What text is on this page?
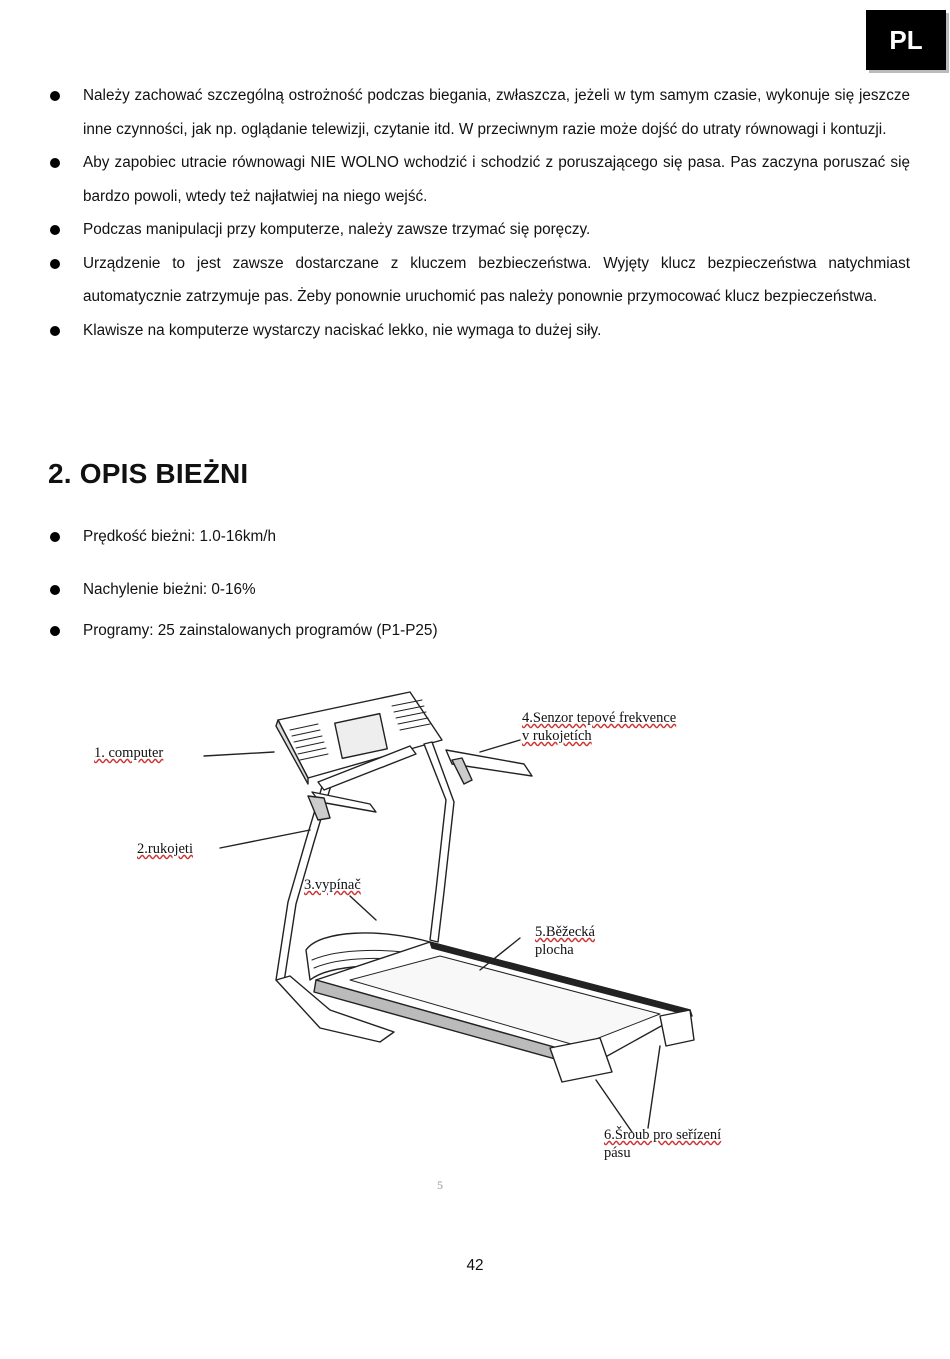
PL
Należy zachować szczególną ostrożność podczas biegania, zwłaszcza, jeżeli w tym samym czasie, wykonuje się jeszcze inne czynności, jak np. oglądanie telewizji, czytanie itd. W przeciwnym razie może dojść do utraty równowagi i kontuzji.
Aby zapobiec utracie równowagi NIE WOLNO wchodzić i schodzić z poruszającego się pasa. Pas zaczyna poruszać się bardzo powoli, wtedy też najłatwiej na niego wejść.
Podczas manipulacji przy komputerze, należy zawsze trzymać się poręczy.
Urządzenie to jest zawsze dostarczane z kluczem bezbieczeństwa. Wyjęty klucz bezpieczeństwa natychmiast automatycznie zatrzymuje pas. Żeby ponownie uruchomić pas należy ponownie przymocować klucz bezpieczeństwa.
Klawisze na komputerze wystarczy naciskać lekko, nie wymaga to dużej siły.
2. OPIS BIEŻNI
Prędkość bieżni: 1.0-16km/h
Nachylenie bieżni: 0-16%
Programy: 25 zainstalowanych programów (P1-P25)
1. computer
2.rukojeti
3.vypínač
4.Senzor tepové frekvence
v rukojetích
5.Běžecká
plocha
6.Šroub pro seřízení
pásu
5
42
